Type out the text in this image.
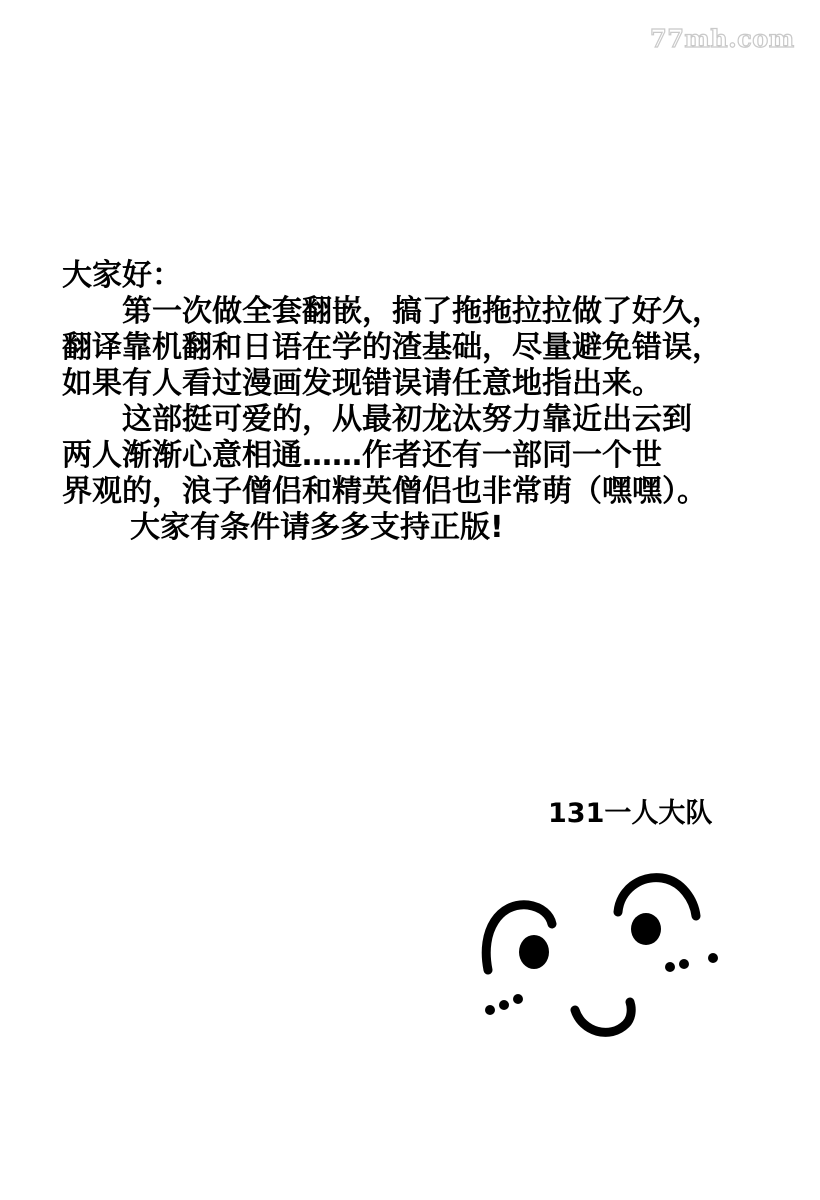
77mh.com

大家好：

第一次做全套翻嵌，搞了拖拖拉拉做了好久，

翻译靠机翻和日语在学的渣基础，尽量避免错误，

如果有人看过漫画发现错误请任意地指出来。

这部挺可爱的，从最初龙汰努力靠近出云到

两人渐渐心意相通……作者还有一部同一个世

界观的，浪子僧侣和精英僧侣也非常萌（嘿嘿）。

大家有条件请多多支持正版!

131一人大队
